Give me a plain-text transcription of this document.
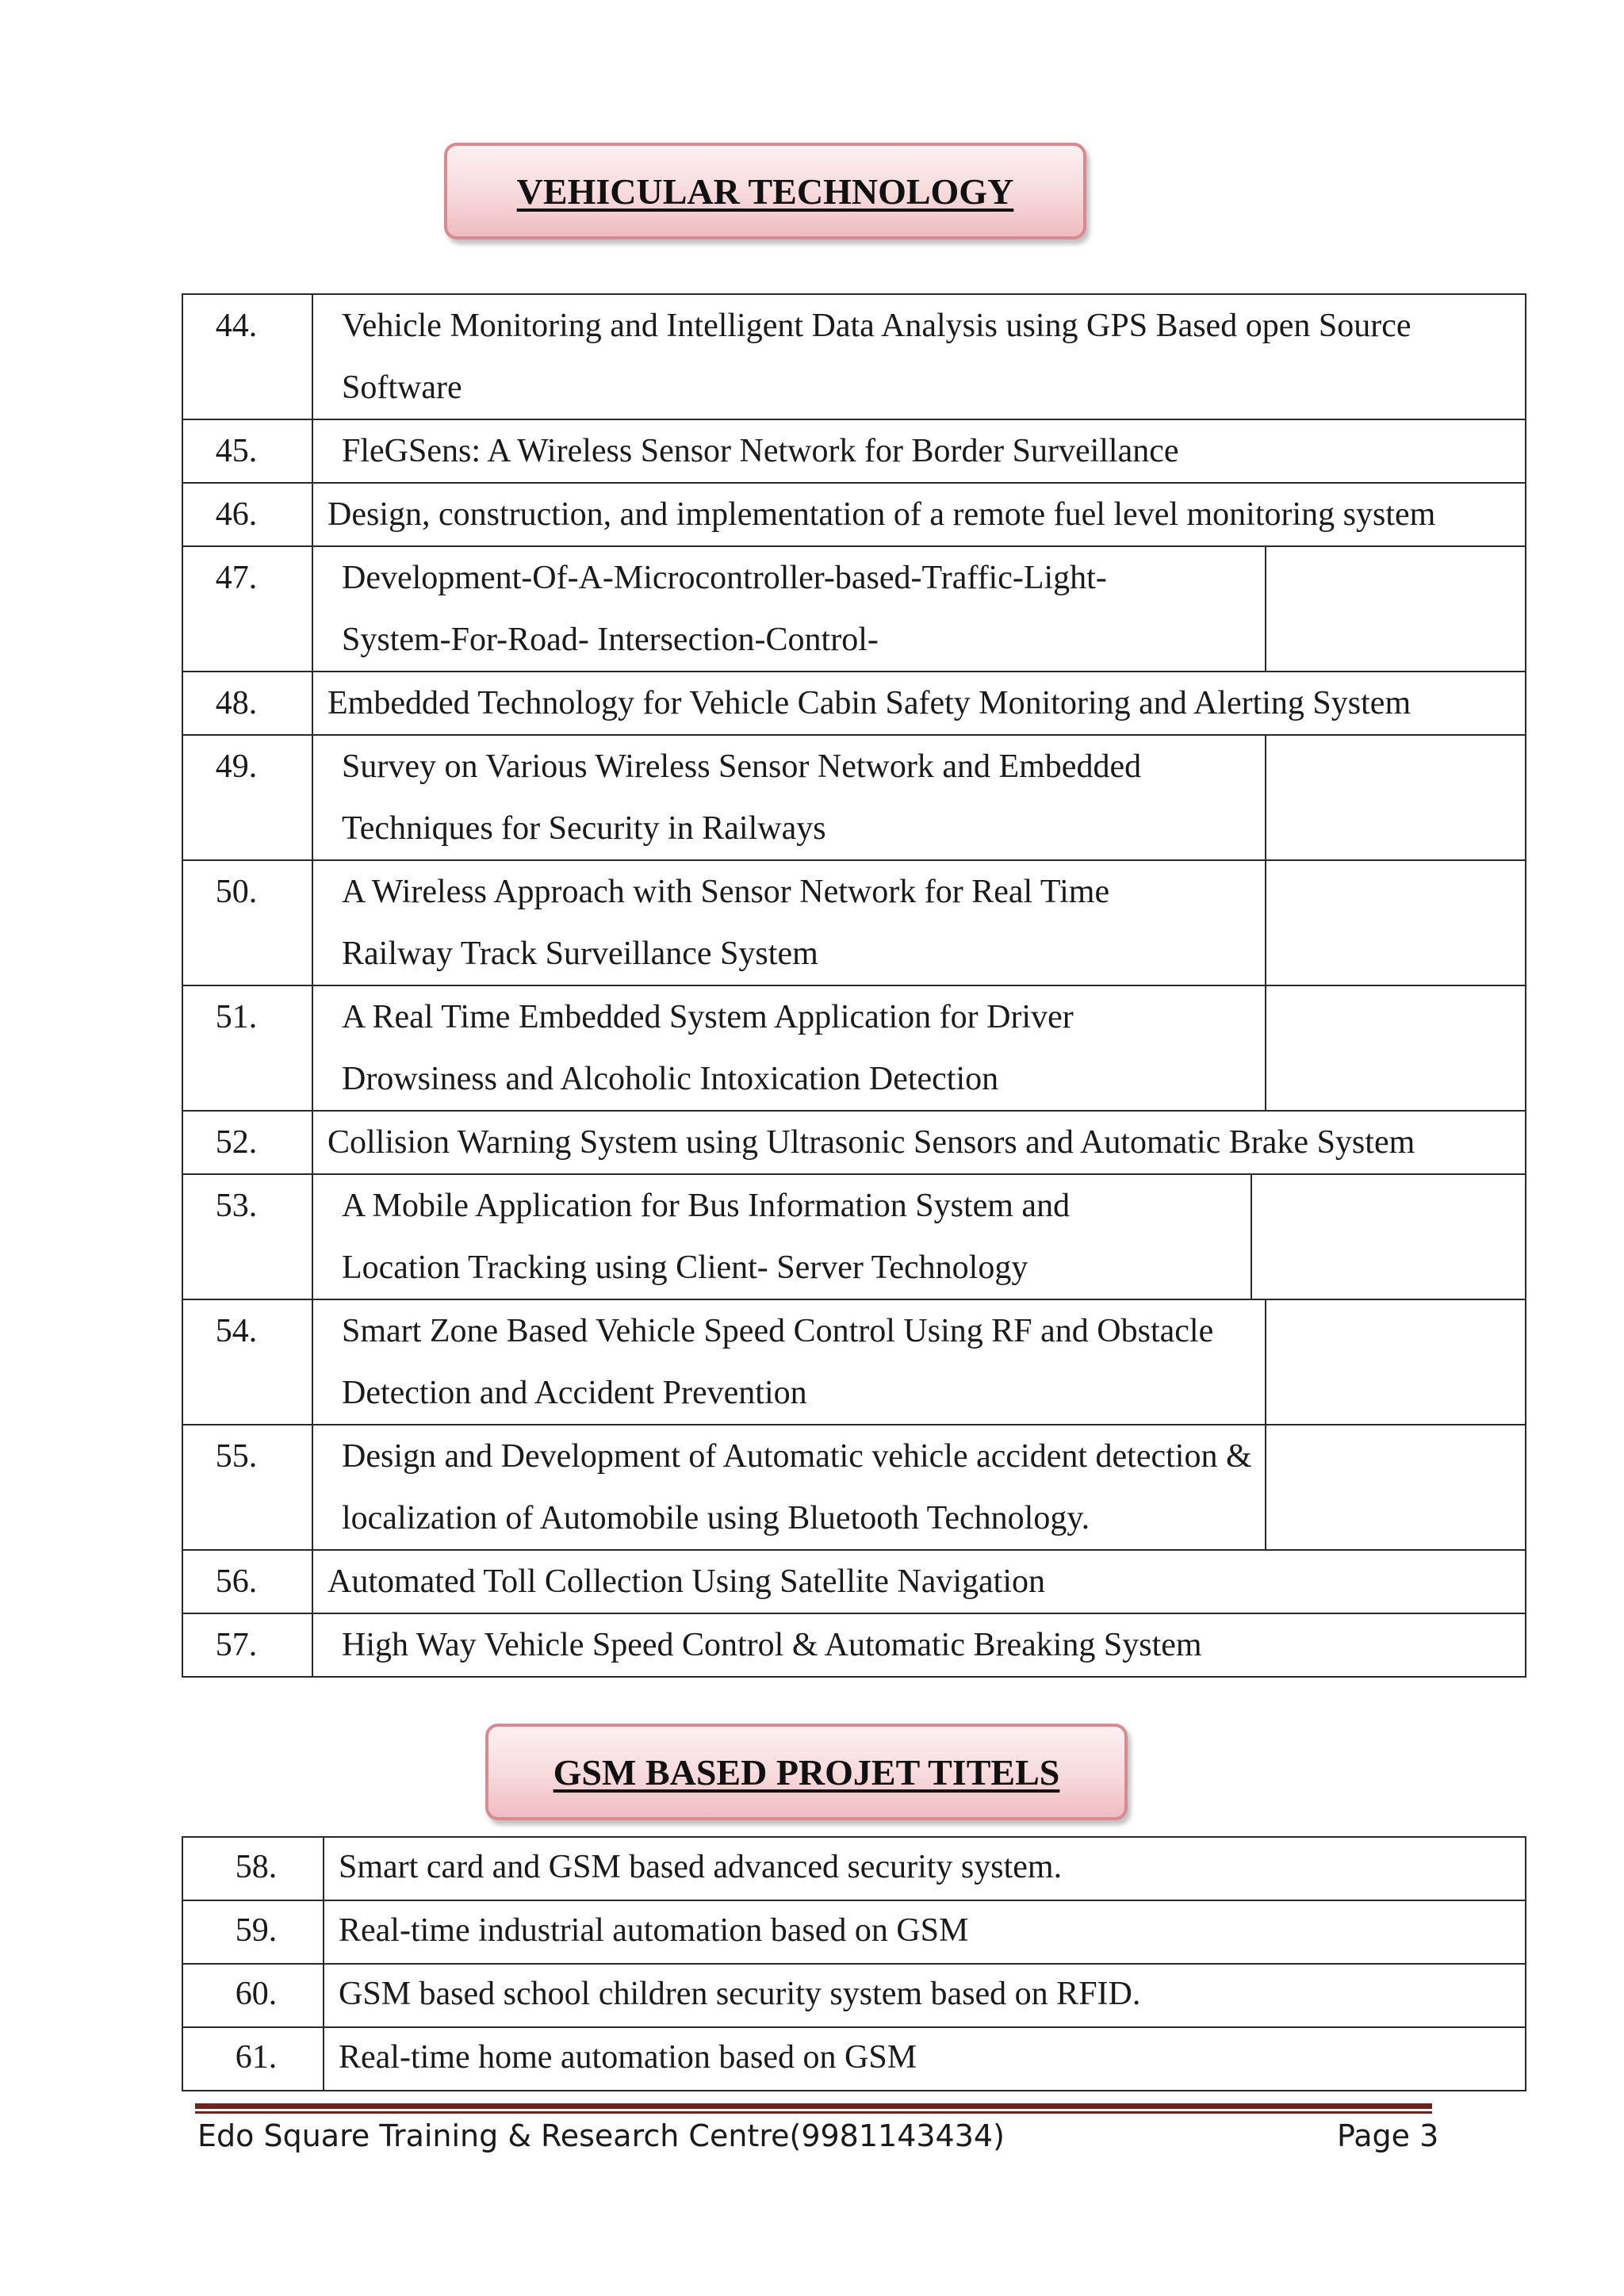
VEHICULAR TECHNOLOGY
44.	Vehicle Monitoring and Intelligent Data Analysis using GPS Based open Source Software

45.	FleGSens: A Wireless Sensor Network for Border Surveillance

46.	Design, construction, and implementation of a remote fuel level monitoring system

47.	Development-Of-A-Microcontroller-based-Traffic-Light- System-For-Road- Intersection-Control-

48.	Embedded Technology for Vehicle Cabin Safety Monitoring and Alerting System

49.	Survey on Various Wireless Sensor Network and Embedded Techniques for Security in Railways

50.	A Wireless Approach with Sensor Network for Real Time Railway Track Surveillance System

51.	A Real Time Embedded System Application for Driver Drowsiness and Alcoholic Intoxication Detection

52.	Collision Warning System using Ultrasonic Sensors and Automatic Brake System

53.	A Mobile Application for Bus Information System and Location Tracking using Client- Server Technology

54.	Smart Zone Based Vehicle Speed Control Using RF and Obstacle Detection and Accident Prevention

55.	Design and Development of Automatic vehicle accident detection & localization of Automobile using Bluetooth Technology.

56.	Automated Toll Collection Using Satellite Navigation

57.	High Way Vehicle Speed Control & Automatic Breaking System
GSM BASED PROJET TITELS
58.	Smart card and GSM based advanced security system.

59.	Real-time industrial automation based on GSM

60.	GSM based school children security system based on RFID.

61.	Real-time home automation based on GSM
Edo Square Training & Research Centre(9981143434)	Page 3
